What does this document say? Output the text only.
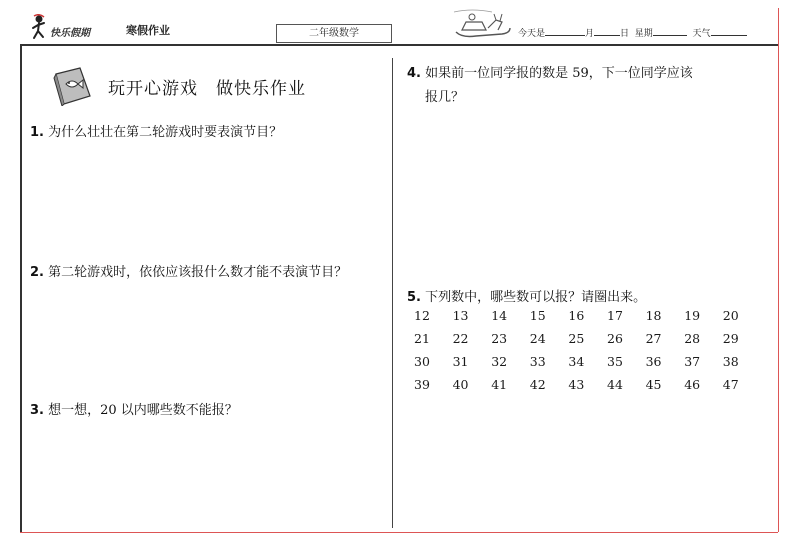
快乐假期	寒假作业	二年级数学	今天是	月	日 星期	天气
玩开心游戏　做快乐作业
1. 为什么壮壮在第二轮游戏时要表演节目？
2. 第二轮游戏时，依依应该报什么数才能不表演节目？
3. 想一想，20 以内哪些数不能报？
4. 如果前一位同学报的数是 59，下一位同学应该
报几？
5. 下列数中，哪些数可以报？请圈出来。
12	13	14	15	16	17	18	19	20
21	22	23	24	25	26	27	28	29
30	31	32	33	34	35	36	37	38
39	40	41	42	43	44	45	46	47
